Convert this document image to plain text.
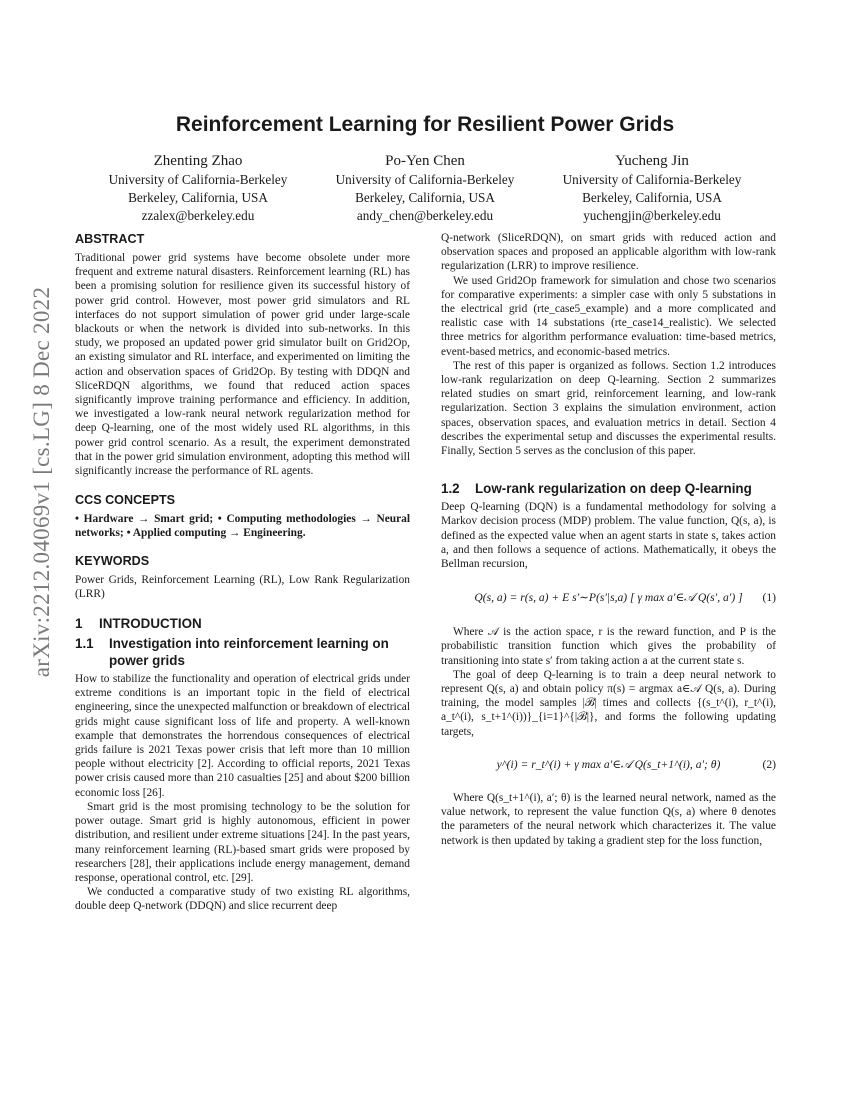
arXiv:2212.04069v1 [cs.LG] 8 Dec 2022
Reinforcement Learning for Resilient Power Grids
Zhenting Zhao
University of California-Berkeley
Berkeley, California, USA
zzalex@berkeley.edu
Po-Yen Chen
University of California-Berkeley
Berkeley, California, USA
andy_chen@berkeley.edu
Yucheng Jin
University of California-Berkeley
Berkeley, California, USA
yuchengjin@berkeley.edu
ABSTRACT

Traditional power grid systems have become obsolete under more frequent and extreme natural disasters. Reinforcement learning (RL) has been a promising solution for resilience given its successful history of power grid control. However, most power grid simulators and RL interfaces do not support simulation of power grid under large-scale blackouts or when the network is divided into sub-networks. In this study, we proposed an updated power grid simulator built on Grid2Op, an existing simulator and RL interface, and experimented on limiting the action and observation spaces of Grid2Op. By testing with DDQN and SliceRDQN algorithms, we found that reduced action spaces significantly improve training performance and efficiency. In addition, we investigated a low-rank neural network regularization method for deep Q-learning, one of the most widely used RL algorithms, in this power grid control scenario. As a result, the experiment demonstrated that in the power grid simulation environment, adopting this method will significantly increase the performance of RL agents.

CCS CONCEPTS

• Hardware → Smart grid; • Computing methodologies → Neural networks; • Applied computing → Engineering.

KEYWORDS

Power Grids, Reinforcement Learning (RL), Low Rank Regularization (LRR)

1	INTRODUCTION
1.1	Investigation into reinforcement learning on power grids

How to stabilize the functionality and operation of electrical grids under extreme conditions is an important topic in the field of electrical engineering, since the unexpected malfunction or breakdown of electrical grids might cause significant loss of life and property. A well-known example that demonstrates the horrendous consequences of electrical grids failure is 2021 Texas power crisis that left more than 10 million people without electricity [2]. According to official reports, 2021 Texas power crisis caused more than 210 casualties [25] and about $200 billion economic loss [26].

Smart grid is the most promising technology to be the solution for power outage. Smart grid is highly autonomous, efficient in power distribution, and resilient under extreme situations [24]. In the past years, many reinforcement learning (RL)-based smart grids were proposed by researchers [28], their applications include energy management, demand response, operational control, etc. [29].

We conducted a comparative study of two existing RL algorithms, double deep Q-network (DDQN) and slice recurrent deep

Q-network (SliceRDQN), on smart grids with reduced action and observation spaces and proposed an applicable algorithm with low-rank regularization (LRR) to improve resilience.

We used Grid2Op framework for simulation and chose two scenarios for comparative experiments: a simpler case with only 5 substations in the electrical grid (rte_case5_example) and a more complicated and realistic case with 14 substations (rte_case14_realistic). We selected three metrics for algorithm performance evaluation: time-based metrics, event-based metrics, and economic-based metrics.

The rest of this paper is organized as follows. Section 1.2 introduces low-rank regularization on deep Q-learning. Section 2 summarizes related studies on smart grid, reinforcement learning, and low-rank regularization. Section 3 explains the simulation environment, action spaces, observation spaces, and evaluation metrics in detail. Section 4 describes the experimental setup and discusses the experimental results. Finally, Section 5 serves as the conclusion of this paper.

1.2	Low-rank regularization on deep Q-learning

Deep Q-learning (DQN) is a fundamental methodology for solving a Markov decision process (MDP) problem. The value function, Q(s, a), is defined as the expected value when an agent starts in state s, takes action a, and then follows a sequence of actions. Mathematically, it obeys the Bellman recursion,

Q(s, a) = r(s, a) + E s′∼P(s′|s,a) [ γ max a′∈𝒜 Q(s′, a′) ] (1)

Where 𝒜 is the action space, r is the reward function, and P is the probabilistic transition function which gives the probability of transitioning into state s′ from taking action a at the current state s.

The goal of deep Q-learning is to train a deep neural network to represent Q(s, a) and obtain policy π(s) = argmax a∈𝒜 Q(s, a). During training, the model samples |ℬ| times and collects {(s_t^(i), r_t^(i), a_t^(i), s_t+1^(i))}_{i=1}^{|ℬ|}, and forms the following updating targets,

y^(i) = r_t^(i) + γ max a′∈𝒜 Q(s_t+1^(i), a′; θ)	(2)

Where Q(s_t+1^(i), a′; θ) is the learned neural network, named as the value network, to represent the value function Q(s, a) where θ denotes the parameters of the neural network which characterizes it. The value network is then updated by taking a gradient step for the loss function,
